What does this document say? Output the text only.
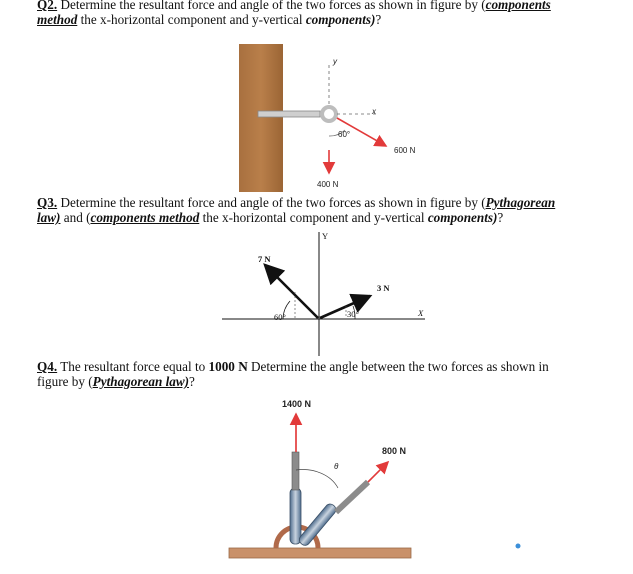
Q2. Determine the resultant force and angle of the two forces as shown in figure by (components
method the x-horizontal component and y-vertical components)?
y
x
60°
600 N
400 N
Q3. Determine the resultant force and angle of the two forces as shown in figure by (Pythagorean
law) and (components method the x-horizontal component and y-vertical components)?
Y
7 N
3 N
60°	30°	X
Q4. The resultant force equal to 1000 N Determine the angle between the two forces as shown in
figure by (Pythagorean law)?
1400 N
800 N
θ
